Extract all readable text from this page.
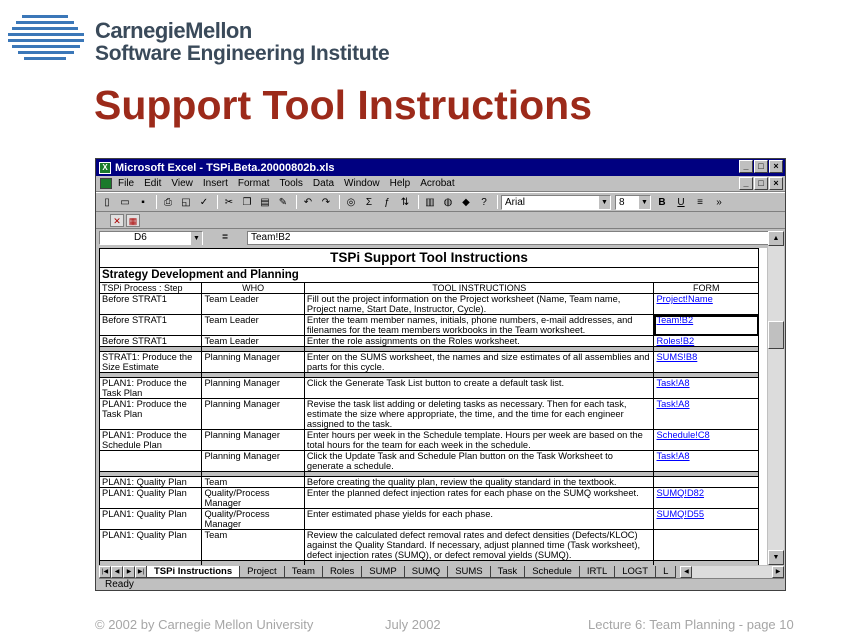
CarnegieMellon
Software Engineering Institute
Support Tool Instructions
X Microsoft Excel - TSPi.Beta.20000802b.xls	_	□	×
File Edit View Insert Format Tools Data Window Help Acrobat	_	□	×
▯	▭	▪	⎙ ◱ ✓	✂ ❐ ▤ ✎	↶ ↷	◎	Σ	ƒ	⇅	▥ ◍ ◆	?	Arial	▼	8 ▼	B	U	≡	»
✕ ▦
D6	▼	=	Team!B2
TSPi Support Tool Instructions			
Strategy Development and Planning			
TSPi Process : Step	WHO	TOOL INSTRUCTIONS	FORM
Before STRAT1	Team Leader	Fill out the project information on the Project worksheet (Name, Team name, Project name, Start Date, Instructor, Cycle).	Project!Name
Before STRAT1	Team Leader	Enter the team member names, initials, phone numbers, e-mail addresses, and filenames for the team members workbooks in the Team worksheet.	Team!B2
Before STRAT1	Team Leader	Enter the role assignments on the Roles worksheet.	Roles!B2

STRAT1: Produce the Size Estimate	Planning Manager	Enter on the SUMS worksheet, the names and size estimates of all assemblies and parts for this cycle.	SUMS!B8

PLAN1: Produce the Task Plan	Planning Manager	Click the Generate Task List button to create a default task list.	Task!A8
PLAN1: Produce the Task Plan	Planning Manager	Revise the task list adding or deleting tasks as necessary. Then for each task, estimate the size where appropriate, the time, and the time for each engineer assigned to the task.	Task!A8
PLAN1: Produce the Schedule Plan	Planning Manager	Enter hours per week in the Schedule template. Hours per week are based on the total hours for the team for each week in the schedule.	Schedule!C8
	Planning Manager	Click the Update Task and Schedule Plan button on the Task Worksheet to generate a schedule.	Task!A8

PLAN1: Quality Plan	Team	Before creating the quality plan, review the quality standard in the textbook.	
PLAN1: Quality Plan	Quality/Process Manager	Enter the planned defect injection rates for each phase on the SUMQ worksheet.	SUMQ!D82
PLAN1: Quality Plan	Quality/Process Manager	Enter estimated phase yields for each phase.	SUMQ!D55
PLAN1: Quality Plan	Team	Review the calculated defect removal rates and defect densities (Defects/KLOC) against the Quality Standard. If necessary, adjust planned time (Task worksheet), defect injection rates (SUMQ), or defect removal yields (SUMQ).	

▲
▼
|◀	◀	▶	▶|	TSPi Instructions	Project	Team	Roles	SUMP	SUMQ	SUMS	Task	Schedule	IRTL	LOGT	L	◀	▶
Ready
© 2002 by Carnegie Mellon University	July 2002	Lecture 6: Team Planning - page 10
